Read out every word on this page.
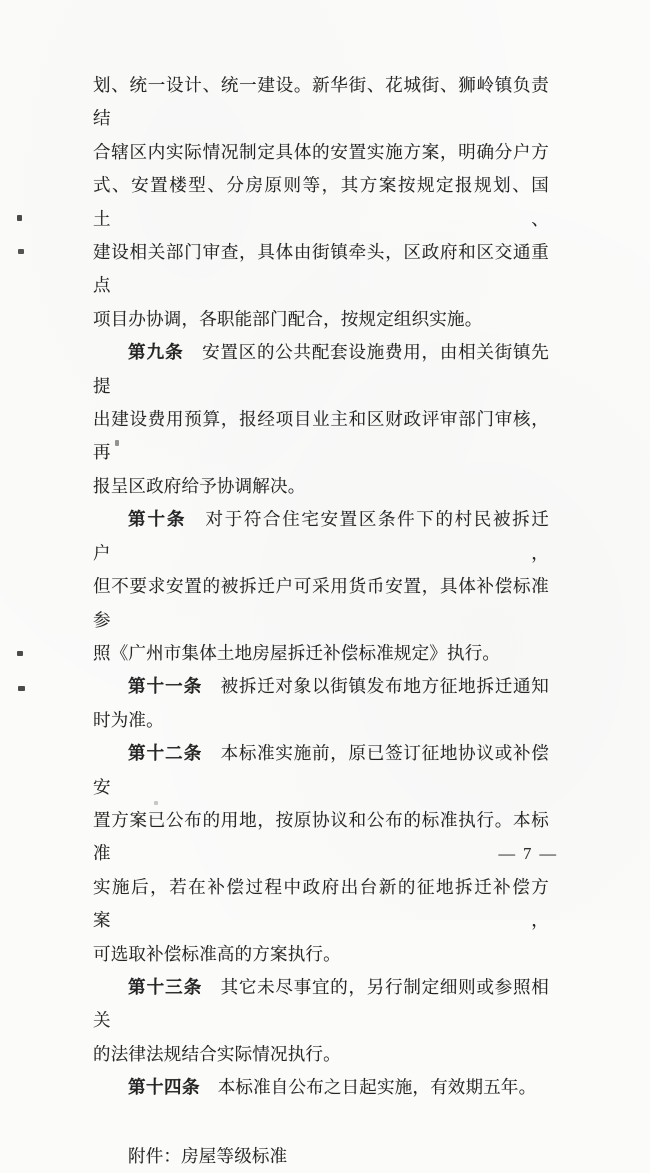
划、统一设计、统一建设。新华街、花城街、狮岭镇负责结
合辖区内实际情况制定具体的安置实施方案，明确分户方
式、安置楼型、分房原则等，其方案按规定报规划、国土、
建设相关部门审查，具体由街镇牵头，区政府和区交通重点
项目办协调，各职能部门配合，按规定组织实施。
第九条　安置区的公共配套设施费用，由相关街镇先提
出建设费用预算，报经项目业主和区财政评审部门审核，再
报呈区政府给予协调解决。
第十条　对于符合住宅安置区条件下的村民被拆迁户，
但不要求安置的被拆迁户可采用货币安置，具体补偿标准参
照《广州市集体土地房屋拆迁补偿标准规定》执行。
第十一条　被拆迁对象以街镇发布地方征地拆迁通知
时为准。
第十二条　本标准实施前，原已签订征地协议或补偿安
置方案已公布的用地，按原协议和公布的标准执行。本标准
实施后，若在补偿过程中政府出台新的征地拆迁补偿方案，
可选取补偿标准高的方案执行。
第十三条　其它未尽事宜的，另行制定细则或参照相关
的法律法规结合实际情况执行。
第十四条　本标准自公布之日起实施，有效期五年。
附件：房屋等级标准
— 7 —
